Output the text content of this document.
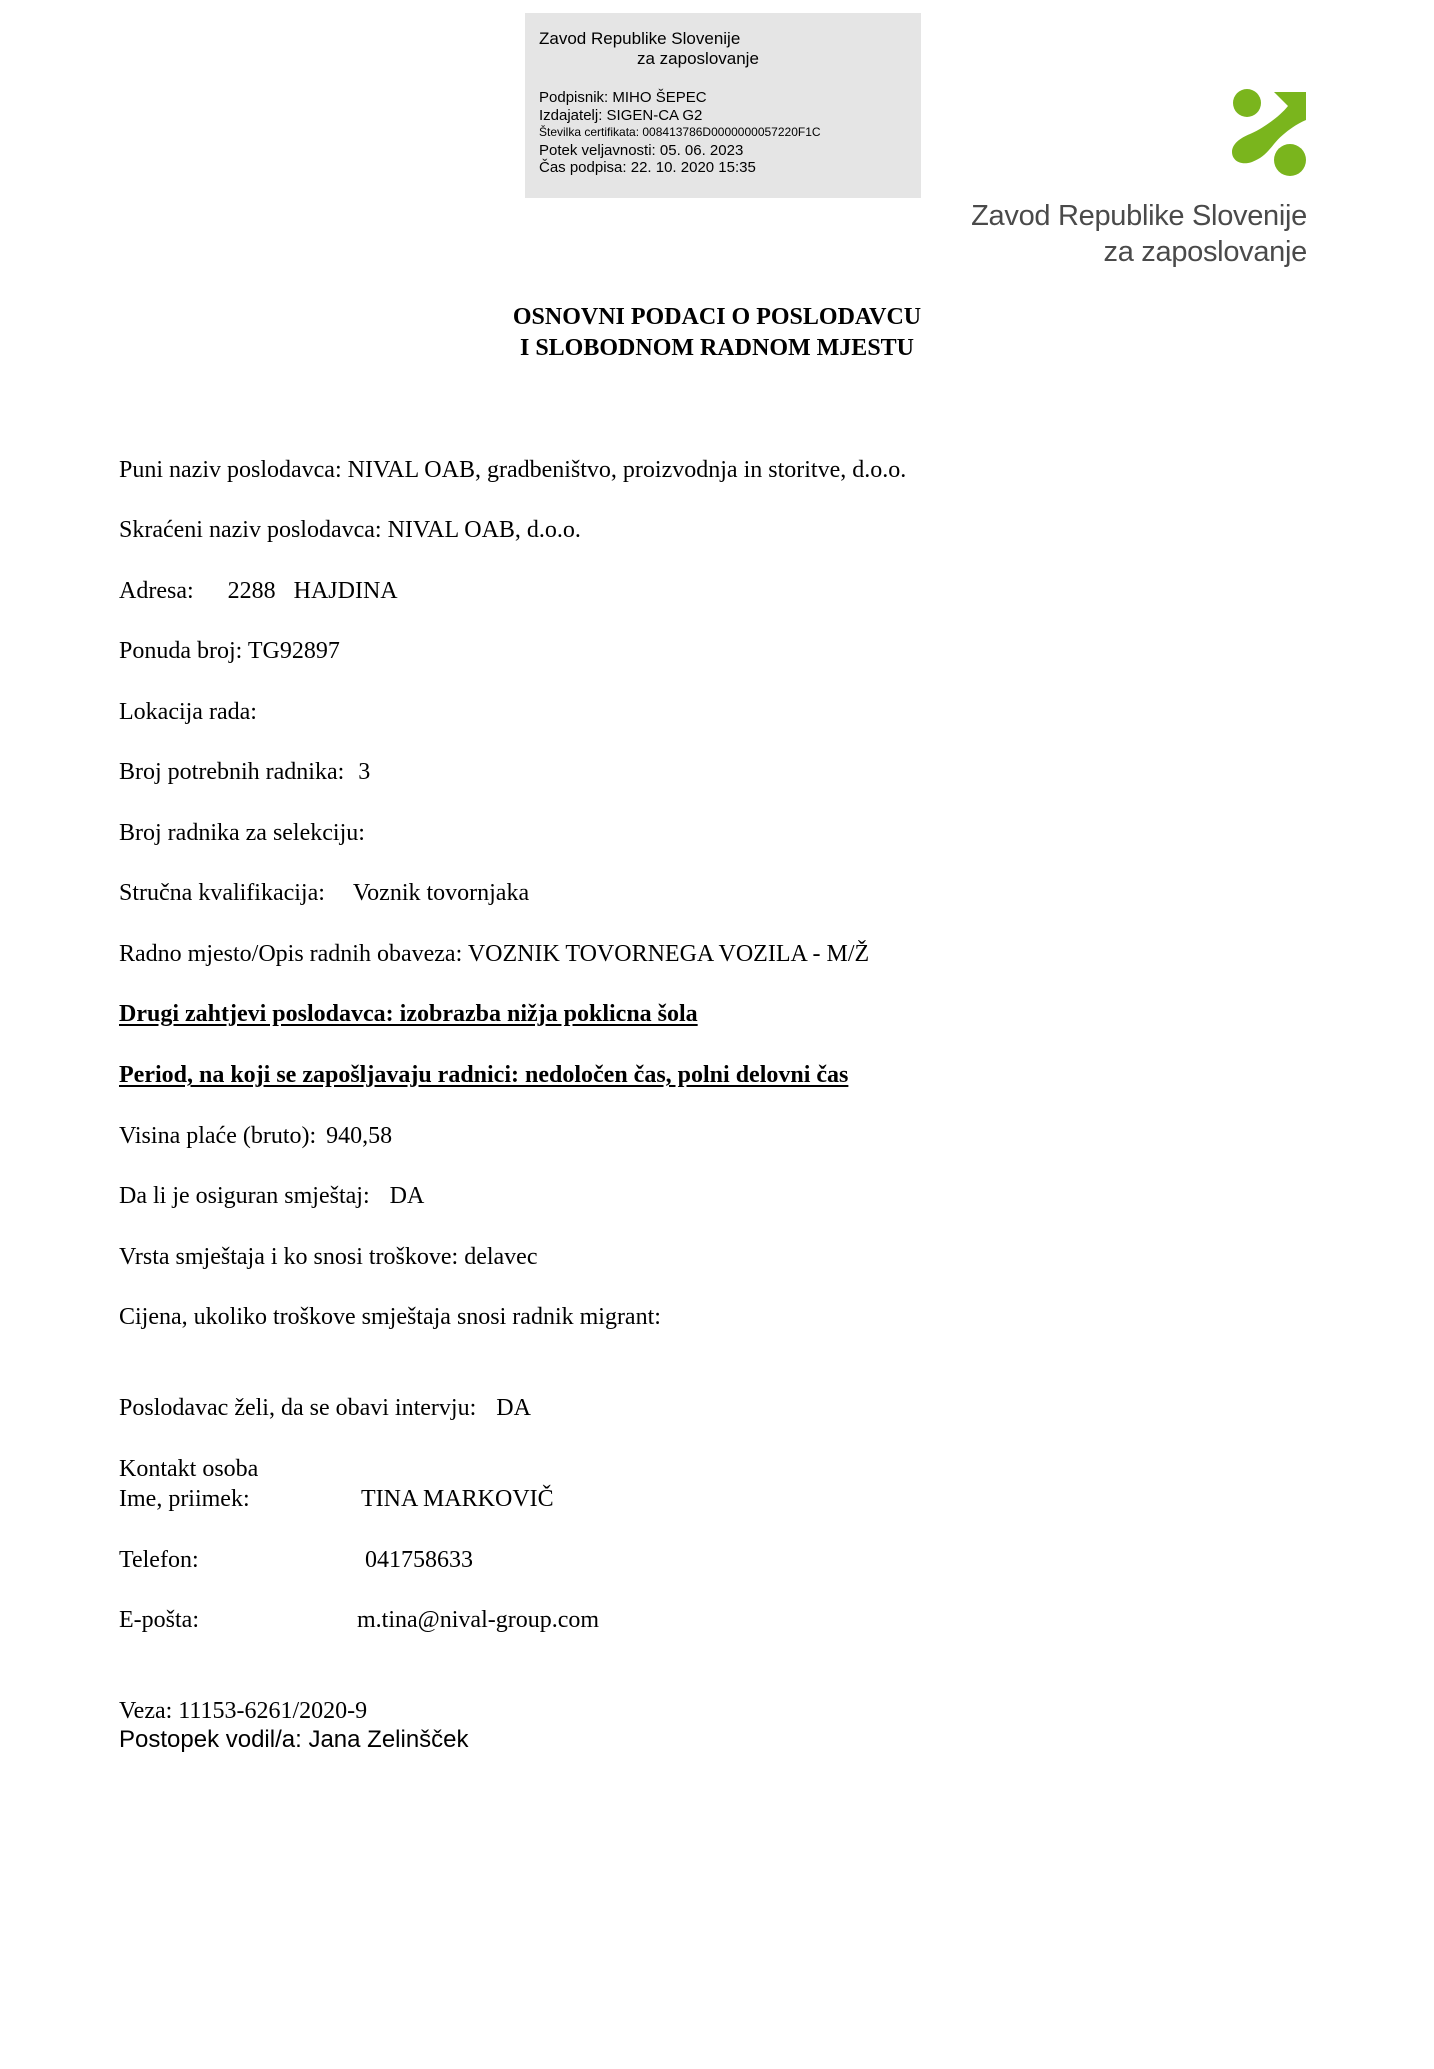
Zavod Republike Slovenije
za zaposlovanje
Podpisnik: MIHO ŠEPEC
Izdajatelj: SIGEN-CA G2
Številka certifikata: 008413786D0000000057220F1C
Potek veljavnosti: 05. 06. 2023
Čas podpisa: 22. 10. 2020 15:35
Zavod Republike Slovenije
za zaposlovanje
OSNOVNI PODACI O POSLODAVCU
I SLOBODNOM RADNOM MJESTU
Puni naziv poslodavca: NIVAL OAB, gradbeništvo, proizvodnja in storitve, d.o.o.
Skraćeni naziv poslodavca: NIVAL OAB, d.o.o.
Adresa: 2288   HAJDINA
Ponuda broj: TG92897
Lokacija rada:
Broj potrebnih radnika: 3
Broj radnika za selekciju:
Stručna kvalifikacija: Voznik tovornjaka
Radno mjesto/Opis radnih obaveza: VOZNIK TOVORNEGA VOZILA - M/Ž
Drugi zahtjevi poslodavca: izobrazba nižja poklicna šola
Period, na koji se zapošljavaju radnici: nedoločen čas, polni delovni čas
Visina plaće (bruto): 940,58
Da li je osiguran smještaj: DA
Vrsta smještaja i ko snosi troškove: delavec
Cijena, ukoliko troškove smještaja snosi radnik migrant:
Poslodavac želi, da se obavi intervju: DA
Kontakt osoba
Ime, priimek:	TINA MARKOVIČ
Telefon:	041758633
E-pošta:	m.tina@nival-group.com
Veza: 11153-6261/2020-9
Postopek vodil/a: Jana Zelinšček
